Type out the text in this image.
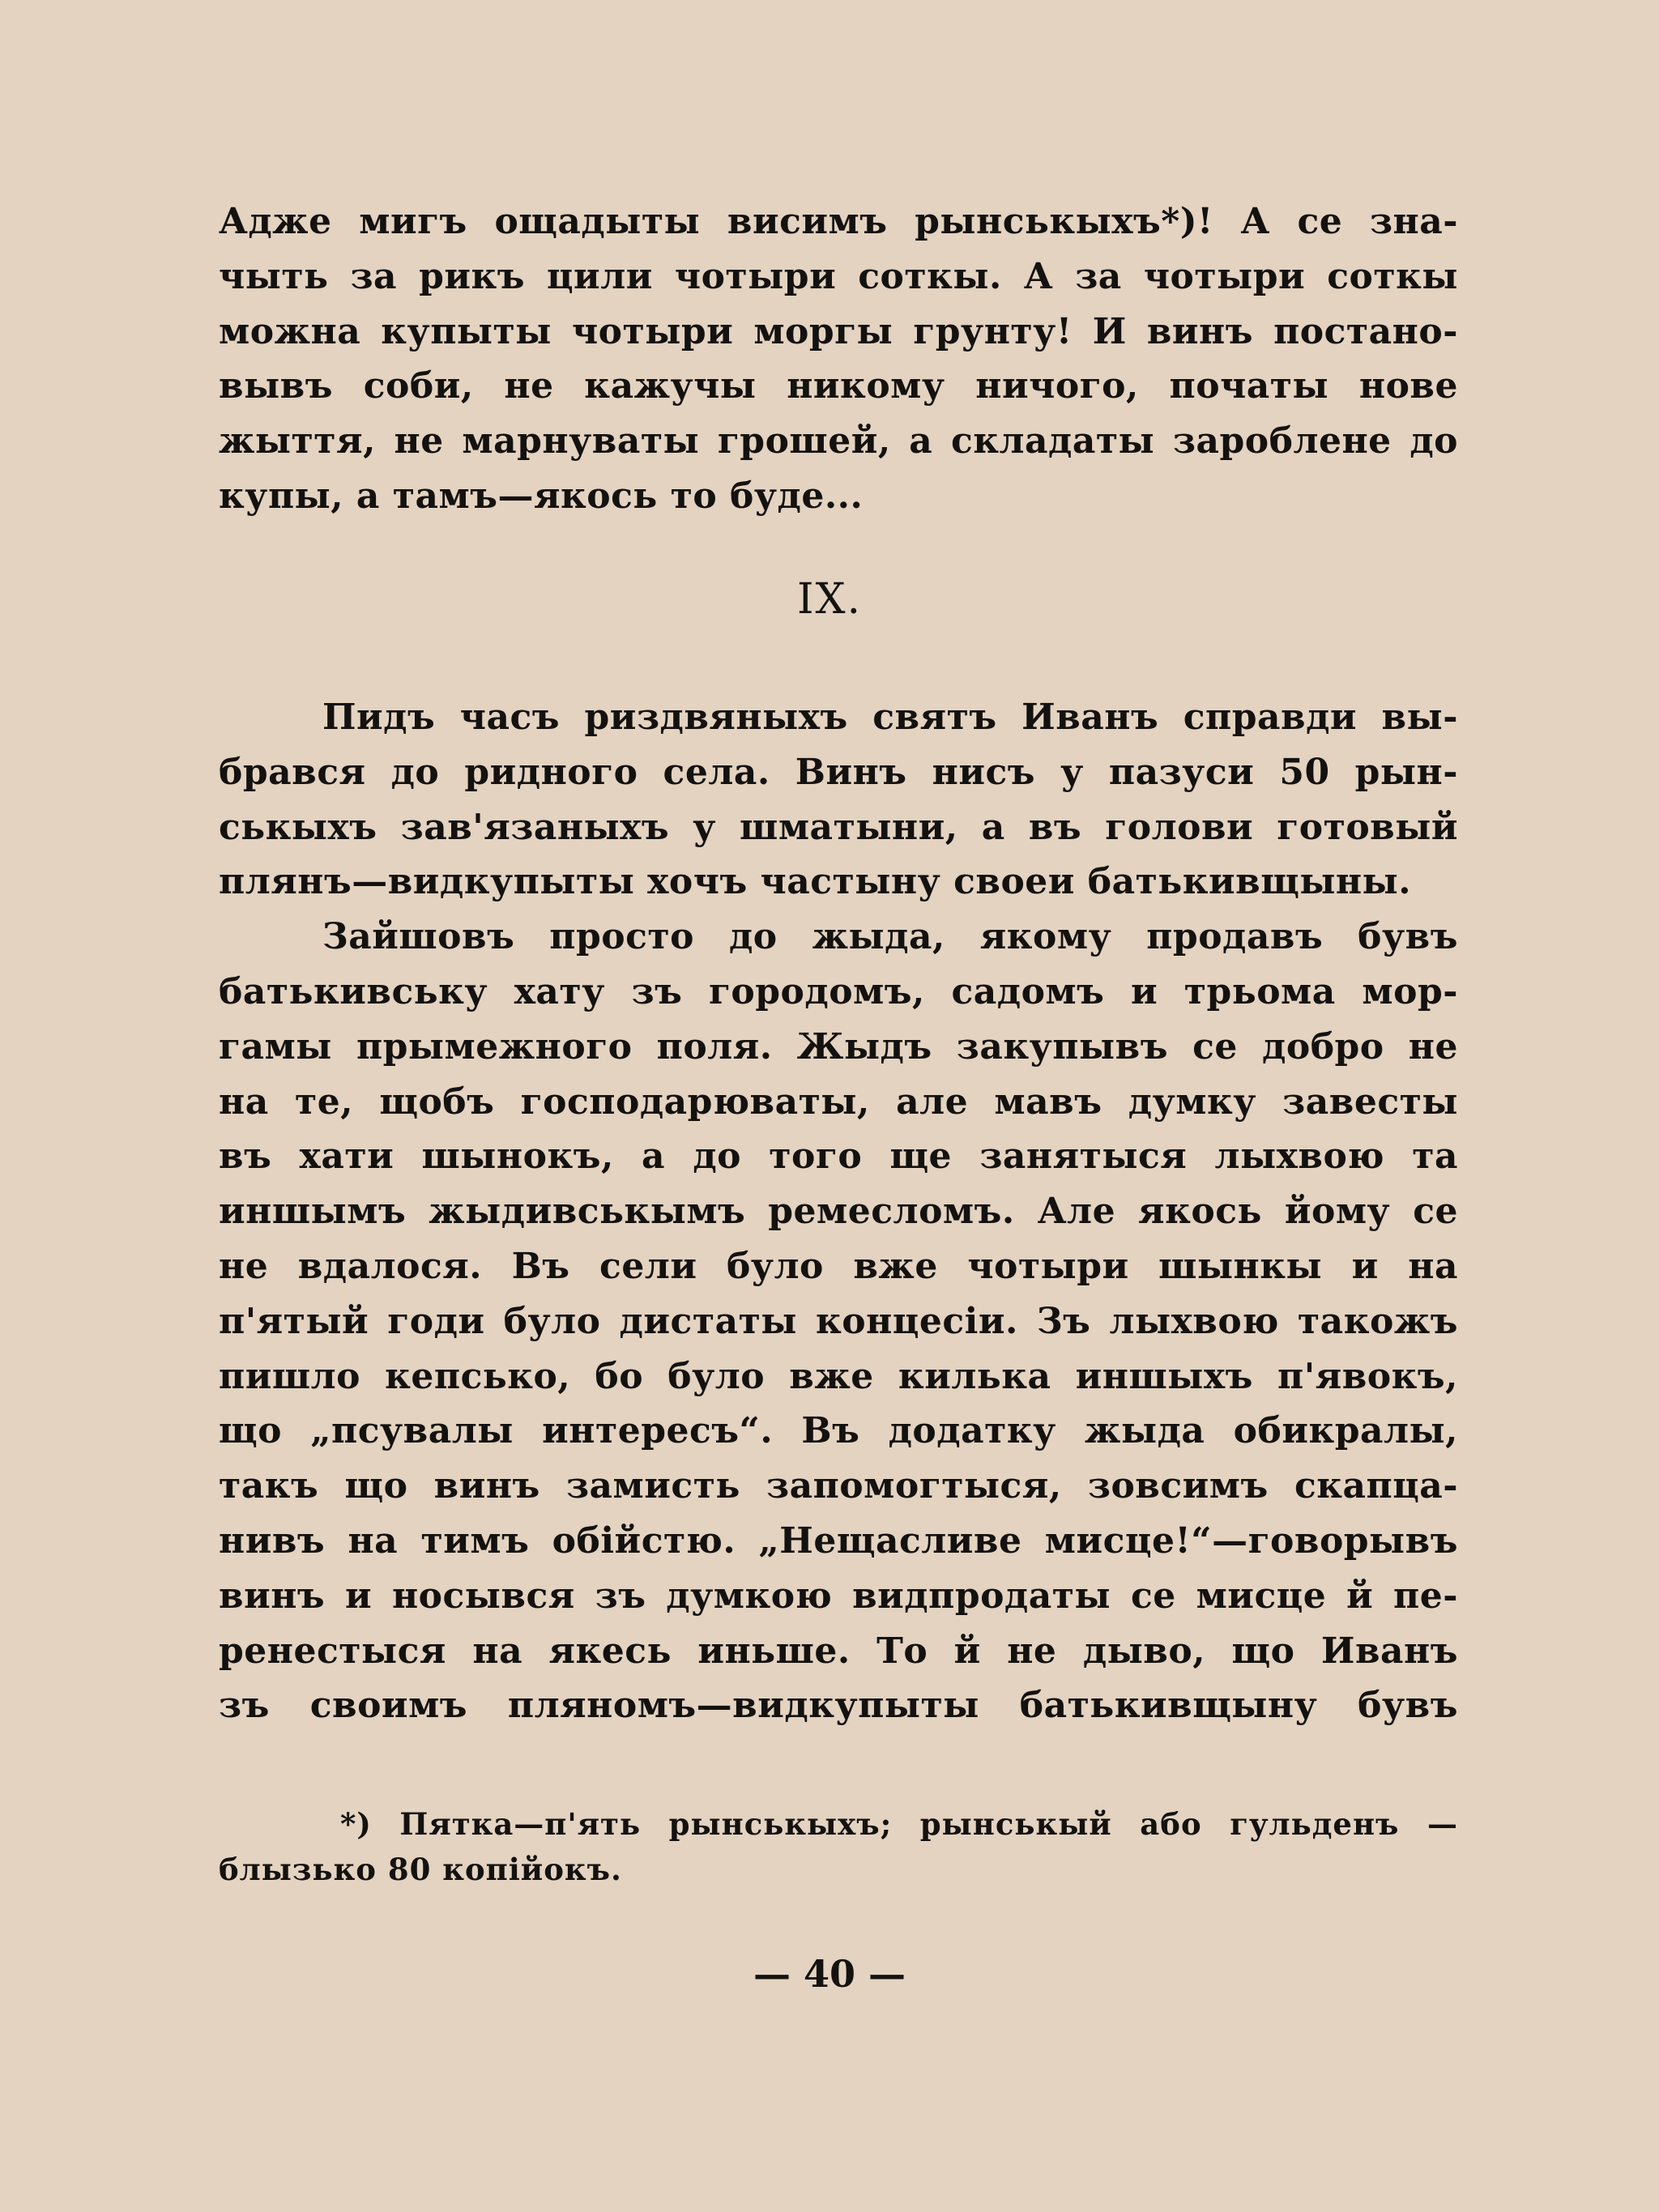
Адже мигъ ощадыты висимъ рынськыхъ*)! А се зна-
чыть за рикъ цили чотыри соткы. А за чотыри соткы
можна купыты чотыри моргы грунту! И винъ постано-
вывъ соби, не кажучы никому ничого, почaты нове
жыття, не марнуваты грошей, а складаты зароблене до
купы, а тамъ—якось то буде...
IX.
Пидъ часъ риздвяныхъ святъ Иванъ справди вы-
брався до ридного села. Винъ нисъ у пазуси 50 рын-
ськыхъ зав'язаныхъ у шматыни, а въ голови готовый
плянъ—видкупыты хочъ частыну своеи батькивщыны.
Зайшовъ просто до жыда, якому продавъ бувъ
батькивську хату зъ городомъ, садомъ и трьома мор-
гамы прымежного поля. Жыдъ закупывъ се добро не
на те, щобъ господарюваты, але мавъ думку завесты
въ хати шынокъ, а до того ще занятыся лыхвою та
иншымъ жыдивськымъ ремесломъ. Але якось йому се
не вдалося. Въ сели було вже чотыри шынкы и на
п'ятый годи було дистаты концесіи. Зъ лыхвою такожъ
пишло кепсько, бо було вже килька иншыхъ п'явокъ,
що „псувалы интересъ“. Въ додатку жыда обикралы,
такъ що винъ замисть запомогтыся, зовсимъ скапца-
нивъ на тимъ обійстю. „Нещасливе мисце!“—говорывъ
винъ и носывся зъ думкою видпродаты се мисце й пе-
ренестыся на якесь иньше. То й не дыво, що Иванъ
зъ своимъ пляномъ—видкупыты батькивщыну бувъ
*) Пятка—п'ять рынськыхъ; рынськый або гульденъ —
блызько 80 копійокъ.
— 40 —
